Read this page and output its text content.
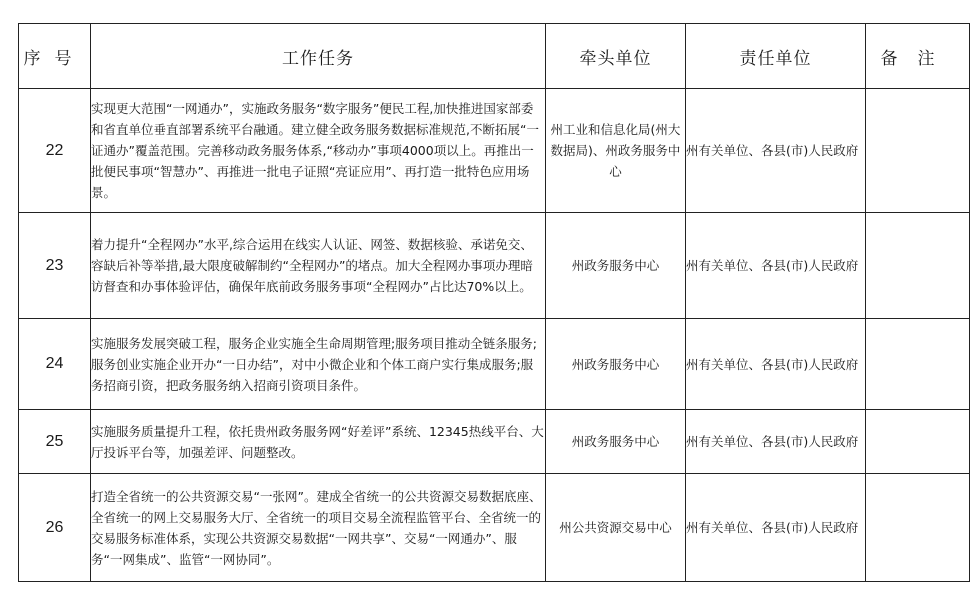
序号	工作任务	牵头单位	责任单位	备注
22	实现更大范围“一网通办”，实施政务服务“数字服务”便民工程,加快推进国家部委和省直单位垂直部署系统平台融通。建立健全政务服务数据标准规范,不断拓展“一证通办”覆盖范围。完善移动政务服务体系,“移动办”事项4000项以上。再推出一批便民事项“智慧办”、再推进一批电子证照“亮证应用”、再打造一批特色应用场景。	州工业和信息化局(州大数据局)、州政务服务中心	州有关单位、各县(市)人民政府	
23	着力提升“全程网办”水平,综合运用在线实人认证、网签、数据核验、承诺免交、容缺后补等举措,最大限度破解制约“全程网办”的堵点。加大全程网办事项办理暗访督查和办事体验评估，确保年底前政务服务事项“全程网办”占比达70%以上。	州政务服务中心	州有关单位、各县(市)人民政府	
24	实施服务发展突破工程，服务企业实施全生命周期管理;服务项目推动全链条服务;服务创业实施企业开办“一日办结”，对中小微企业和个体工商户实行集成服务;服务招商引资，把政务服务纳入招商引资项目条件。	州政务服务中心	州有关单位、各县(市)人民政府	
25	实施服务质量提升工程，依托贵州政务服务网“好差评”系统、12345热线平台、大厅投诉平台等，加强差评、问题整改。	州政务服务中心	州有关单位、各县(市)人民政府	
26	打造全省统一的公共资源交易“一张网”。建成全省统一的公共资源交易数据底座、全省统一的网上交易服务大厅、全省统一的项目交易全流程监管平台、全省统一的交易服务标准体系，实现公共资源交易数据“一网共享”、交易“一网通办”、服务“一网集成”、监管“一网协同”。	州公共资源交易中心	州有关单位、各县(市)人民政府	
